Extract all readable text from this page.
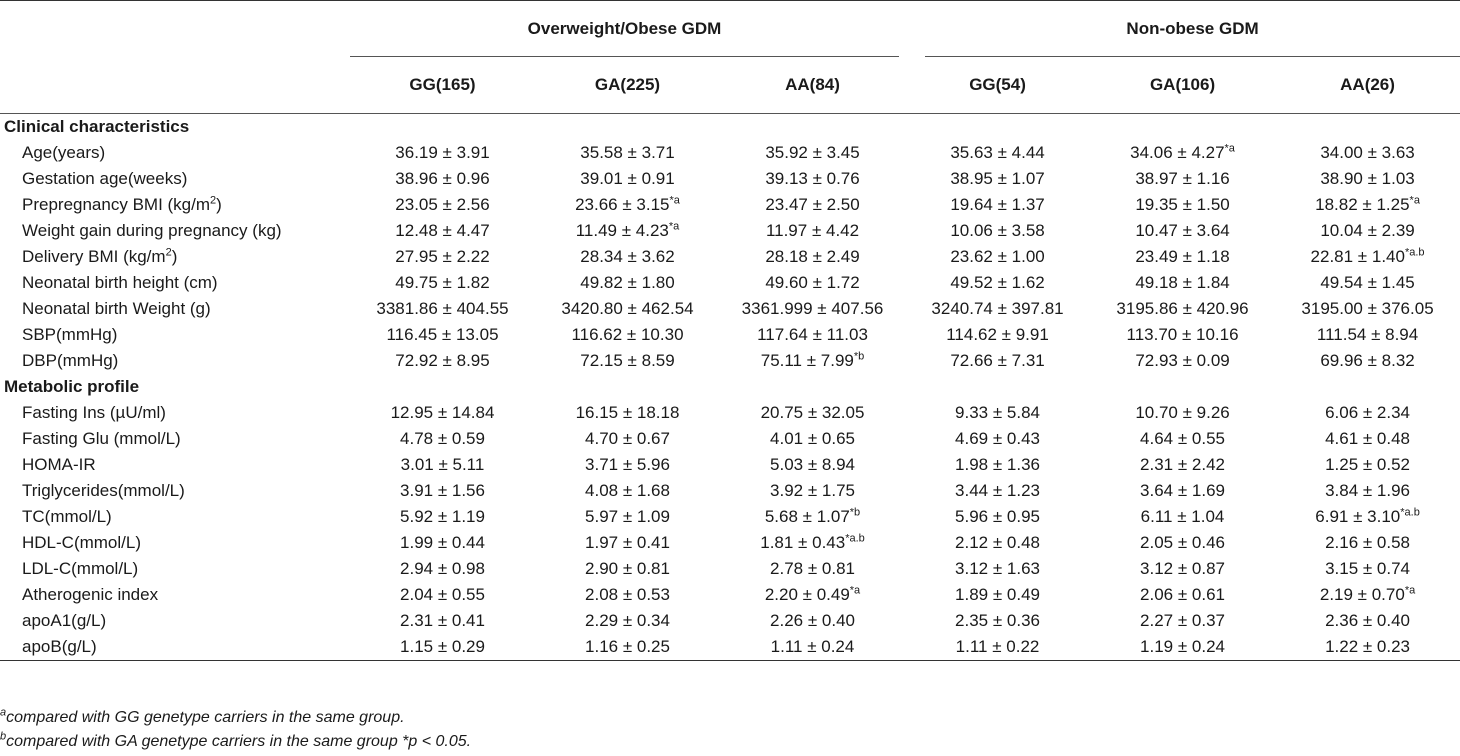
	Overweight/Obese GDM			Non-obese GDM		

	GG(165)	GA(225)	AA(84)	GG(54)	GA(106)	AA(26)
Clinical characteristics						
Age(years)	36.19 ± 3.91	35.58 ± 3.71	35.92 ± 3.45	35.63 ± 4.44	$34.06 \pm 4.27^{*a}$	34.00 ± 3.63
Gestation age(weeks)	38.96 ± 0.96	39.01 ± 0.91	39.13 ± 0.76	38.95 ± 1.07	38.97 ± 1.16	38.90 ± 1.03
Prepregnancy BMI $(kg/m^2)$	23.05 ± 2.56	$23.66 \pm 3.15^{*a}$	23.47 ± 2.50	19.64 ± 1.37	19.35 ± 1.50	$18.82 \pm 1.25^{*a}$
Weight gain during pregnancy (kg)	12.48 ± 4.47	$11.49 \pm 4.23^{*a}$	11.97 ± 4.42	10.06 ± 3.58	10.47 ± 3.64	10.04 ± 2.39
Delivery BMI $(kg/m^2)$	27.95 ± 2.22	28.34 ± 3.62	28.18 ± 2.49	23.62 ± 1.00	23.49 ± 1.18	$22.81 \pm 1.40^{*a.b}$
Neonatal birth height (cm)	49.75 ± 1.82	49.82 ± 1.80	49.60 ± 1.72	49.52 ± 1.62	49.18 ± 1.84	49.54 ± 1.45
Neonatal birth Weight (g)	3381.86 ± 404.55	3420.80 ± 462.54	3361.999 ± 407.56	3240.74 ± 397.81	3195.86 ± 420.96	3195.00 ± 376.05
SBP(mmHg)	116.45 ± 13.05	116.62 ± 10.30	117.64 ± 11.03	114.62 ± 9.91	113.70 ± 10.16	111.54 ± 8.94
DBP(mmHg)	72.92 ± 8.95	72.15 ± 8.59	$75.11 \pm 7.99^{*b}$	72.66 ± 7.31	72.93 ± 0.09	69.96 ± 8.32
Metabolic profile						
Fasting Ins (µU/ml)	12.95 ± 14.84	16.15 ± 18.18	20.75 ± 32.05	9.33 ± 5.84	10.70 ± 9.26	6.06 ± 2.34
Fasting Glu (mmol/L)	4.78 ± 0.59	4.70 ± 0.67	4.01 ± 0.65	4.69 ± 0.43	4.64 ± 0.55	4.61 ± 0.48
HOMA-IR	3.01 ± 5.11	3.71 ± 5.96	5.03 ± 8.94	1.98 ± 1.36	2.31 ± 2.42	1.25 ± 0.52
Triglycerides(mmol/L)	3.91 ± 1.56	4.08 ± 1.68	3.92 ± 1.75	3.44 ± 1.23	3.64 ± 1.69	3.84 ± 1.96
TC(mmol/L)	5.92 ± 1.19	5.97 ± 1.09	$5.68 \pm 1.07^{*b}$	5.96 ± 0.95	6.11 ± 1.04	$6.91 \pm 3.10^{*a.b}$
HDL-C(mmol/L)	1.99 ± 0.44	1.97 ± 0.41	$1.81 \pm 0.43^{*a.b}$	2.12 ± 0.48	2.05 ± 0.46	2.16 ± 0.58
LDL-C(mmol/L)	2.94 ± 0.98	2.90 ± 0.81	2.78 ± 0.81	3.12 ± 1.63	3.12 ± 0.87	3.15 ± 0.74
Atherogenic index	2.04 ± 0.55	2.08 ± 0.53	$2.20 \pm 0.49^{*a}$	1.89 ± 0.49	2.06 ± 0.61	$2.19 \pm 0.70^{*a}$
apoA1(g/L)	2.31 ± 0.41	2.29 ± 0.34	2.26 ± 0.40	2.35 ± 0.36	2.27 ± 0.37	2.36 ± 0.40
apoB(g/L)	1.15 ± 0.29	1.16 ± 0.25	1.11 ± 0.24	1.11 ± 0.22	1.19 ± 0.24	1.22 ± 0.23
$^a$compared with GG genetype carriers in the same group.
$^b$compared with GA genetype carriers in the same group *p < 0.05.
